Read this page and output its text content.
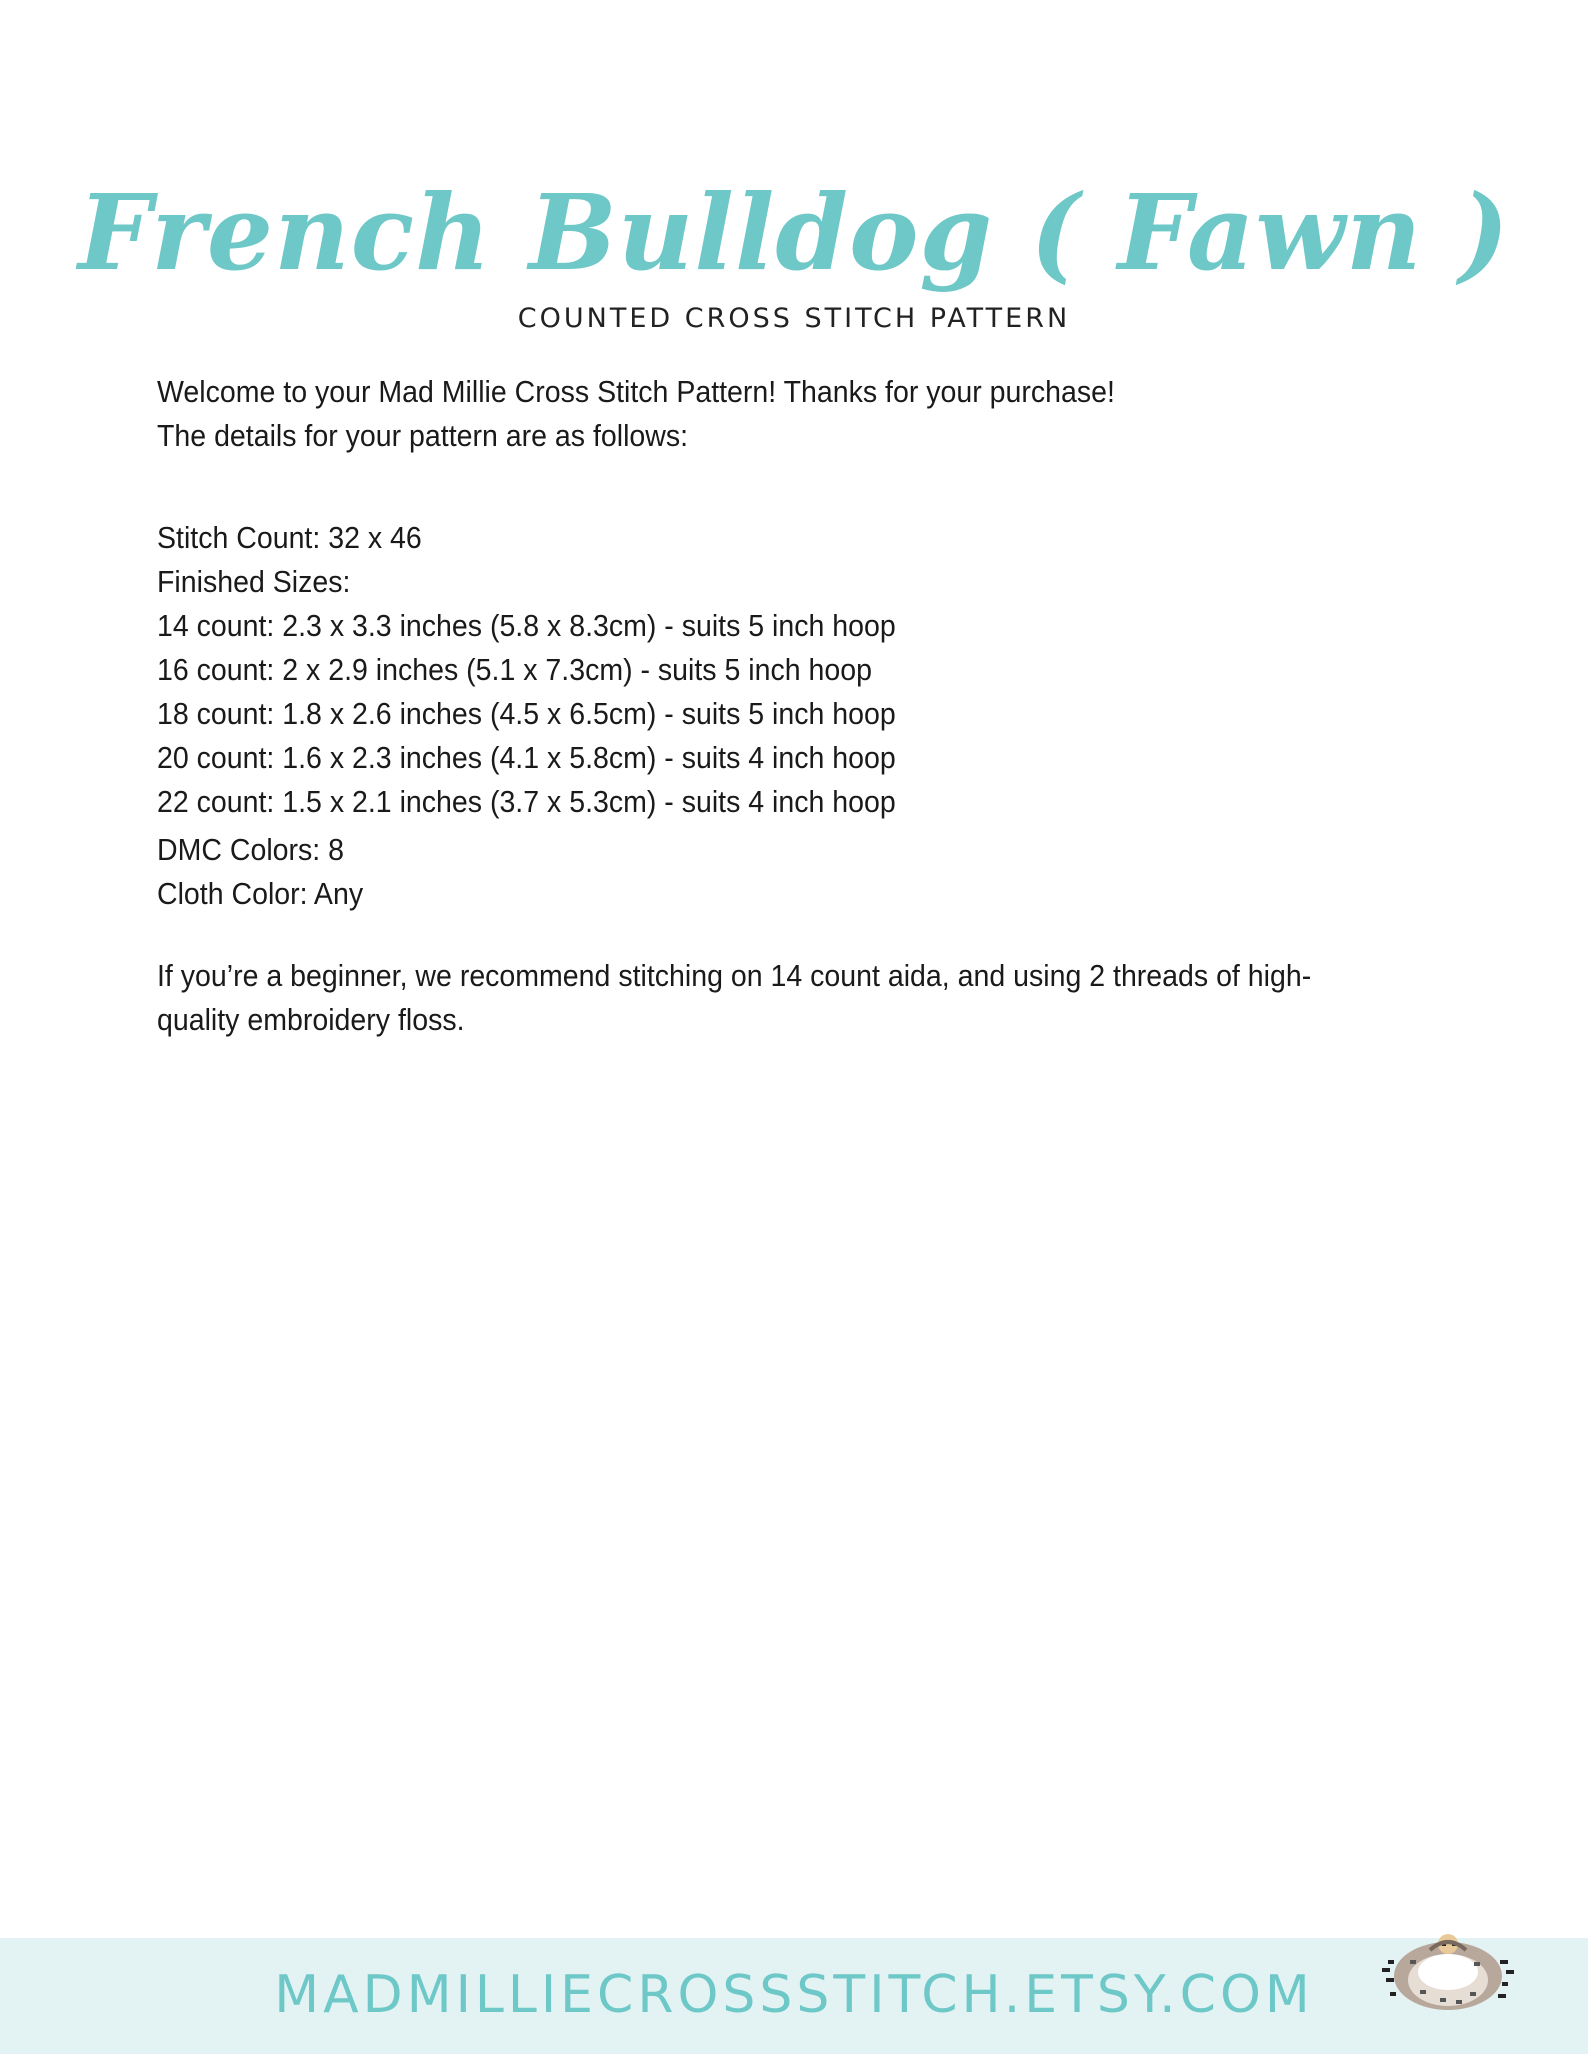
French Bulldog ( Fawn )
COUNTED CROSS STITCH PATTERN
Welcome to your Mad Millie Cross Stitch Pattern! Thanks for your purchase!
The details for your pattern are as follows:
Stitch Count: 32 x 46
Finished Sizes:
14 count: 2.3 x 3.3 inches (5.8 x 8.3cm) - suits 5 inch hoop
16 count: 2 x 2.9 inches (5.1 x 7.3cm) - suits 5 inch hoop
18 count: 1.8 x 2.6 inches (4.5 x 6.5cm) - suits 5 inch hoop
20 count: 1.6 x 2.3 inches (4.1 x 5.8cm) - suits 4 inch hoop
22 count: 1.5 x 2.1 inches (3.7 x 5.3cm) - suits 4 inch hoop
DMC Colors: 8
Cloth Color: Any
If you’re a beginner, we recommend stitching on 14 count aida, and using 2 threads of high-quality embroidery floss.
MADMILLIECROSSSTITCH.ETSY.COM
